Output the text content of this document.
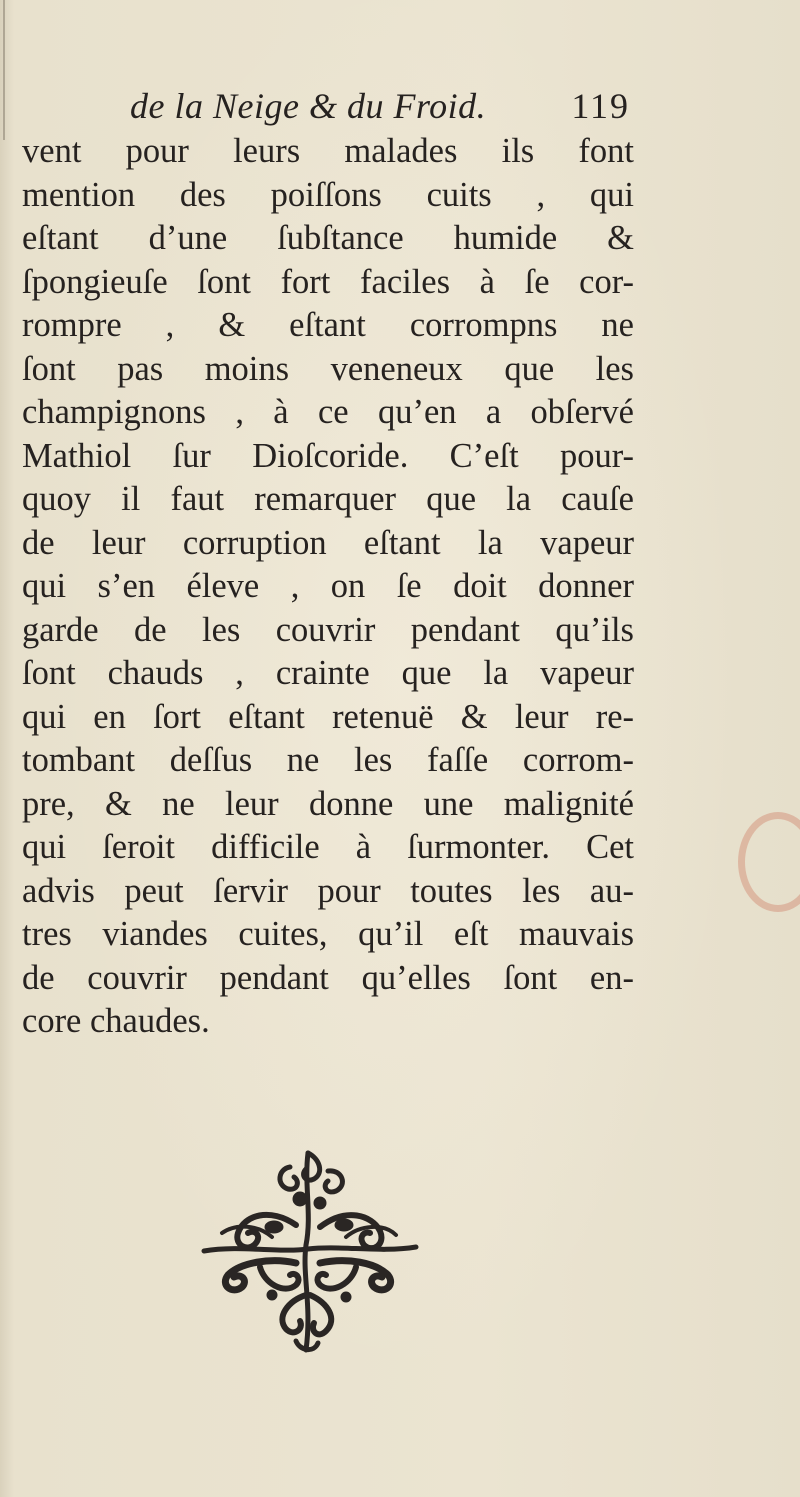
de la Neige & du Froid. 119
vent pour leurs malades ils font
mention des poiſſons cuits , qui
eſtant d’une ſubſtance humide &
ſpongieuſe ſont fort faciles à ſe cor-
rompre , & eſtant corrompns ne
ſont pas moins veneneux que les
champignons , à ce qu’en a obſervé
Mathiol ſur Dioſcoride. C’eſt pour-
quoy il faut remarquer que la cauſe
de leur corruption eſtant la vapeur
qui s’en éleve , on ſe doit donner
garde de les couvrir pendant qu’ils
ſont chauds , crainte que la vapeur
qui en ſort eſtant retenuë & leur re-
tombant deſſus ne les faſſe corrom-
pre, & ne leur donne une malignité
qui ſeroit difficile à ſurmonter. Cet
advis peut ſervir pour toutes les au-
tres viandes cuites, qu’il eſt mauvais
de couvrir pendant qu’elles ſont en-
core chaudes.
